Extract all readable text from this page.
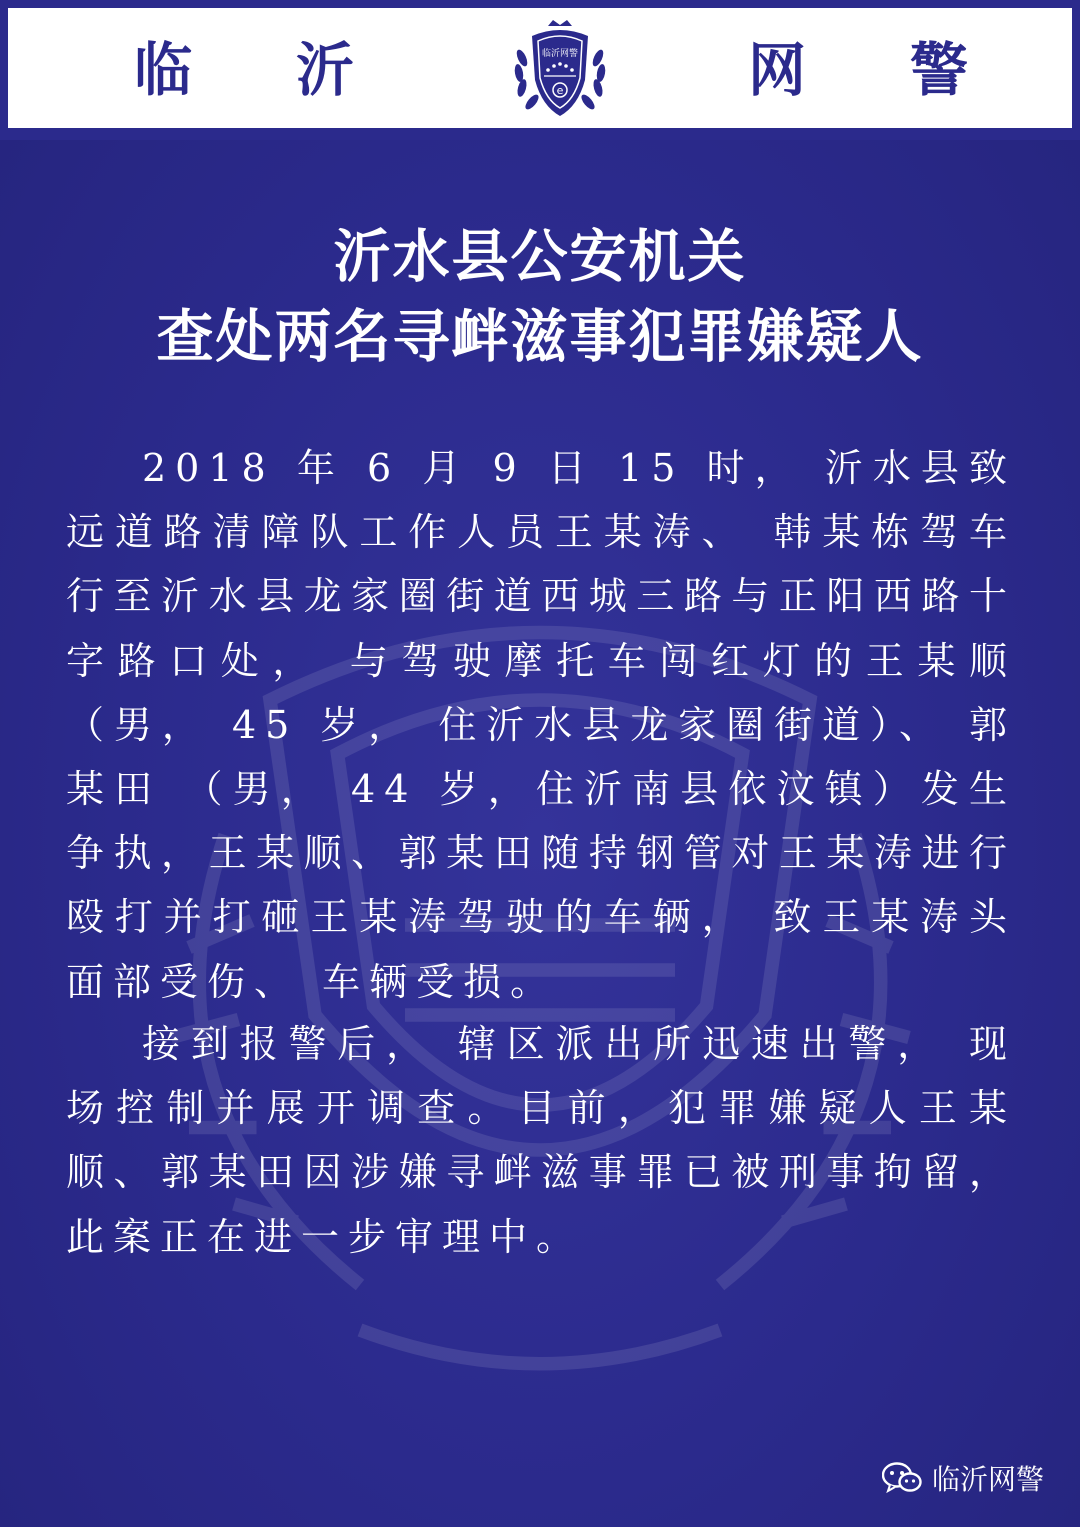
临 沂	网 警
e
临沂网警
沂水县公安机关
查处两名寻衅滋事犯罪嫌疑人

2018 年 6 月 9 日 15 时， 沂水县致远道路清障队工作人员王某涛、 韩某栋驾车行至沂水县龙家圈街道西城三路与正阳西路十字路口处， 与驾驶摩托车闯红灯的王某顺 （男， 45 岁， 住沂水县龙家圈街道）、 郭某田 （男， 44 岁，住沂南县依汶镇）发生争执，王某顺、郭某田随持钢管对王某涛进行殴打并打砸王某涛驾驶的车辆， 致王某涛头面部受伤、 车辆受损。

接到报警后， 辖区派出所迅速出警， 现场控制并展开调查。目前，犯罪嫌疑人王某顺、郭某田因涉嫌寻衅滋事罪已被刑事拘留， 此案正在进一步审理中。

临沂网警
